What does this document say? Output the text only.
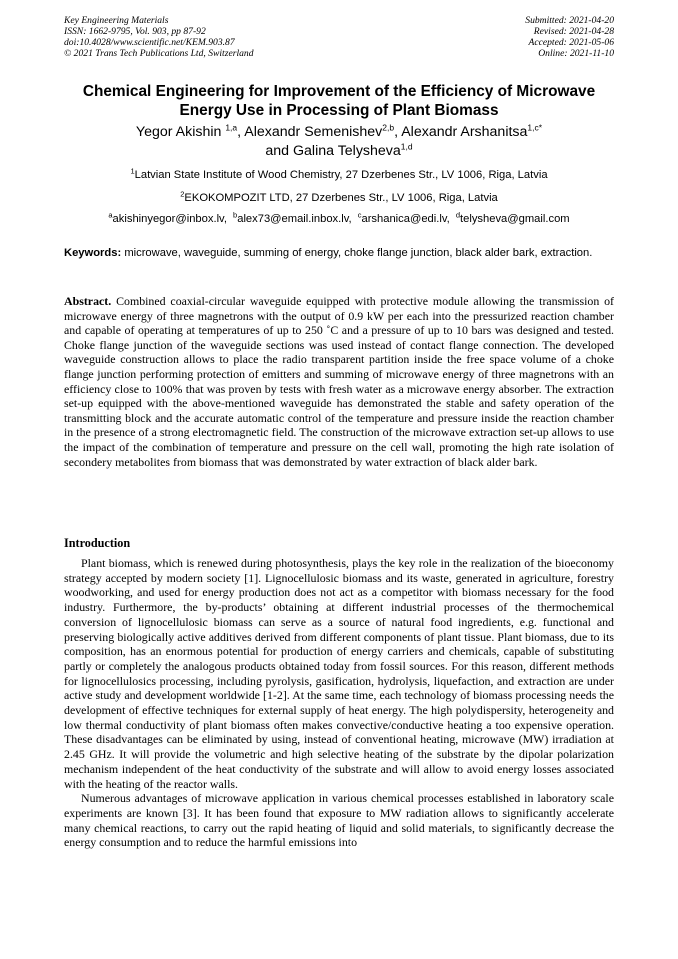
Key Engineering Materials
ISSN: 1662-9795, Vol. 903, pp 87-92
doi:10.4028/www.scientific.net/KEM.903.87
© 2021 Trans Tech Publications Ltd, Switzerland
Submitted: 2021-04-20
Revised: 2021-04-28
Accepted: 2021-05-06
Online: 2021-11-10
Chemical Engineering for Improvement of the Efficiency of Microwave Energy Use in Processing of Plant Biomass
Yegor Akishin $^{1,a}$, Alexandr Semenishev$^{2,b}$, Alexandr Arshanitsa$^{1,c*}$
and Galina Telysheva$^{1,d}$
$^1$Latvian State Institute of Wood Chemistry, 27 Dzerbenes Str., LV 1006, Riga, Latvia
$^2$EKOKOMPOZIT LTD, 27 Dzerbenes Str., LV 1006, Riga, Latvia
$^a$akishinyegor@inbox.lv, $^b$alex73@email.inbox.lv, $^c$arshanica@edi.lv, $^d$telysheva@gmail.com
Keywords: microwave, waveguide, summing of energy, choke flange junction, black alder bark, extraction.
Abstract. Combined coaxial-circular waveguide equipped with protective module allowing the transmission of microwave energy of three magnetrons with the output of 0.9 kW per each into the pressurized reaction chamber and capable of operating at temperatures of up to 250 ˚C and a pressure of up to 10 bars was designed and tested. Choke flange junction of the waveguide sections was used instead of contact flange connection. The developed waveguide construction allows to place the radio transparent partition inside the free space volume of a choke flange junction performing protection of emitters and summing of microwave energy of three magnetrons with an efficiency close to 100% that was proven by tests with fresh water as a microwave energy absorber. The extraction set-up equipped with the above-mentioned waveguide has demonstrated the stable and safety operation of the transmitting block and the accurate automatic control of the temperature and pressure inside the reaction chamber in the presence of a strong electromagnetic field. The construction of the microwave extraction set-up allows to use the impact of the combination of temperature and pressure on the cell wall, promoting the high rate isolation of secondery metabolites from biomass that was demonstrated by water extraction of black alder bark.
Introduction

Plant biomass, which is renewed during photosynthesis, plays the key role in the realization of the bioeconomy strategy accepted by modern society [1]. Lignocellulosic biomass and its waste, generated in agriculture, forestry woodworking, and used for energy production does not act as a competitor with biomass necessary for the food industry. Furthermore, the by-products’ obtaining at different industrial processes of the thermochemical conversion of lignocellulosic biomass can serve as a source of natural food ingredients, e.g. functional and preserving biologically active additives derived from different components of plant tissue. Plant biomass, due to its composition, has an enormous potential for production of energy carriers and chemicals, capable of substituting partly or completely the analogous products obtained today from fossil sources. For this reason, different methods for lignocellulosics processing, including pyrolysis, gasification, hydrolysis, liquefaction, and extraction are under active study and development worldwide [1-2]. At the same time, each technology of biomass processing needs the development of effective techniques for external supply of heat energy. The high polydispersity, heterogeneity and low thermal conductivity of plant biomass often makes convective/conductive heating a too expensive operation. These disadvantages can be eliminated by using, instead of conventional heating, microwave (MW) irradiation at 2.45 GHz. It will provide the volumetric and high selective heating of the substrate by the dipolar polarization mechanism independent of the heat conductivity of the substrate and will allow to avoid energy losses associated with the heating of the reactor walls.

Numerous advantages of microwave application in various chemical processes established in laboratory scale experiments are known [3]. It has been found that exposure to MW radiation allows to significantly accelerate many chemical reactions, to carry out the rapid heating of liquid and solid materials, to significantly decrease the energy consumption and to reduce the harmful emissions into
